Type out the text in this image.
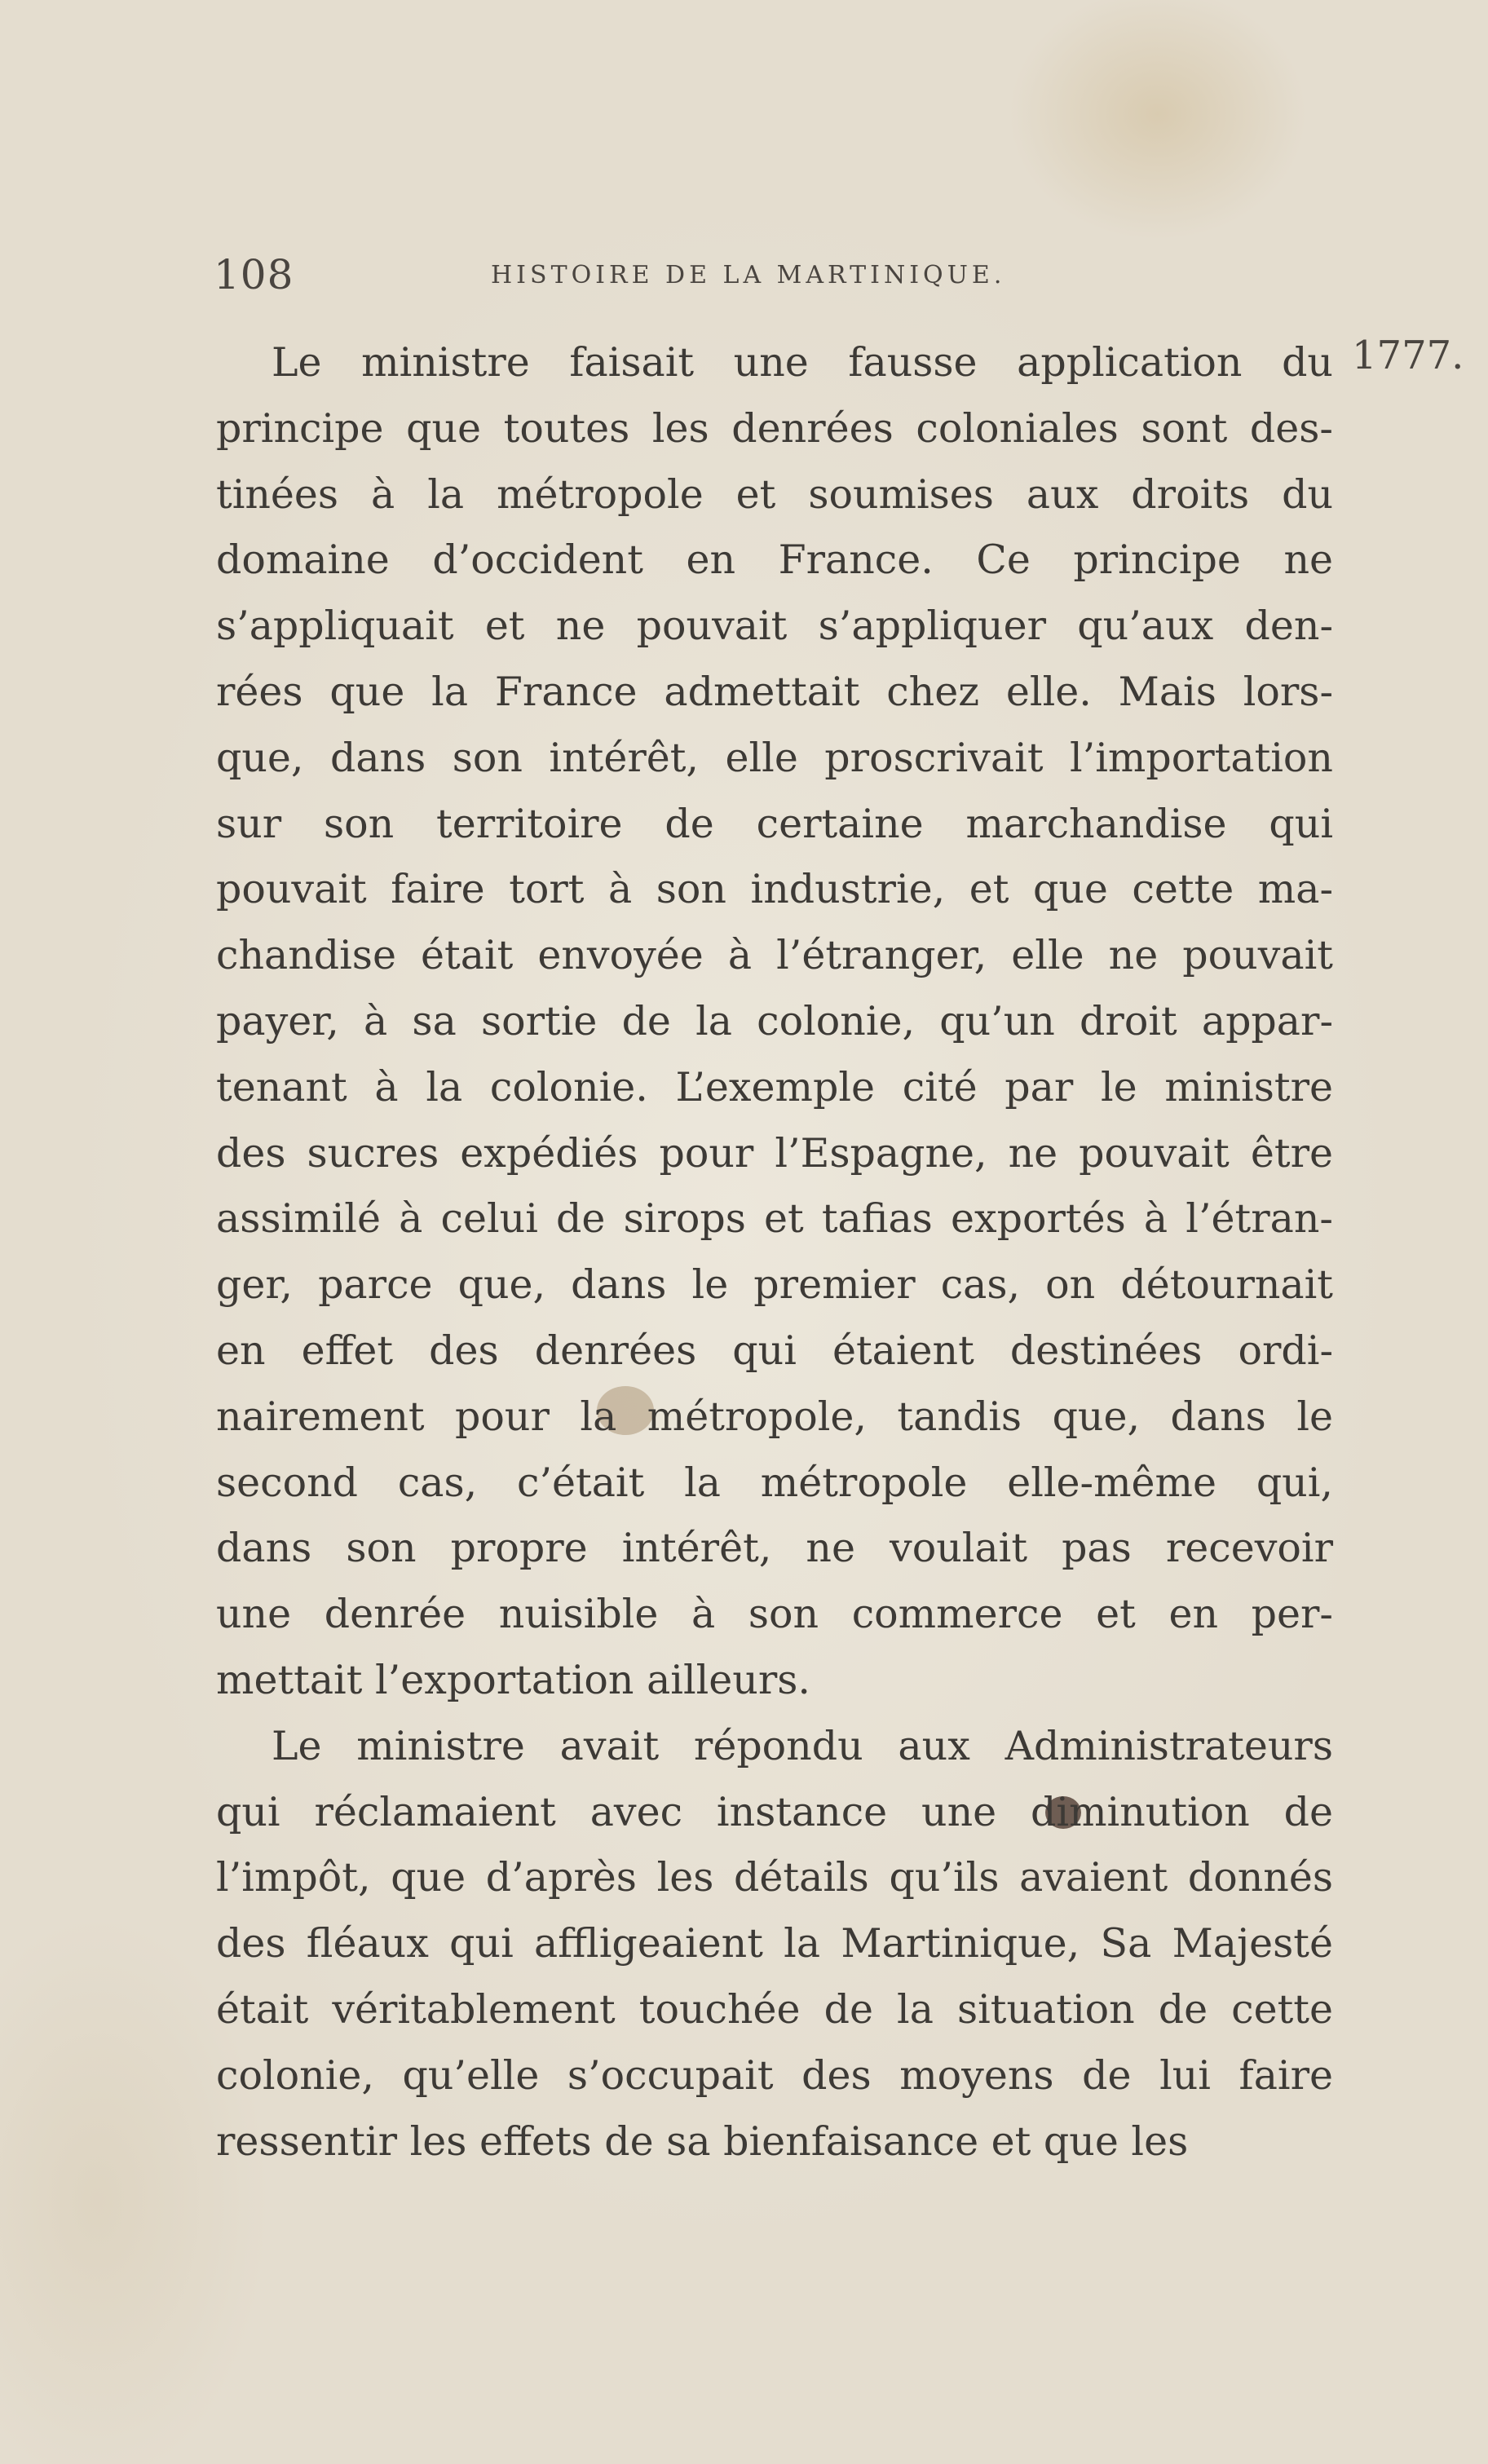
108	HISTOIRE DE LA MARTINIQUE.
1777.
Le ministre faisait une fausse application du
principe que toutes les denrées coloniales sont des-
tinées à la métropole et soumises aux droits du
domaine d’occident en France. Ce principe ne
s’appliquait et ne pouvait s’appliquer qu’aux den-
rées que la France admettait chez elle. Mais lors-
que, dans son intérêt, elle proscrivait l’importation
sur son territoire de certaine marchandise qui
pouvait faire tort à son industrie, et que cette ma-
chandise était envoyée à l’étranger, elle ne pouvait
payer, à sa sortie de la colonie, qu’un droit appar-
tenant à la colonie. L’exemple cité par le ministre
des sucres expédiés pour l’Espagne, ne pouvait être
assimilé à celui de sirops et tafias exportés à l’étran-
ger, parce que, dans le premier cas, on détournait
en effet des denrées qui étaient destinées ordi-
nairement pour la métropole, tandis que, dans le
second cas, c’était la métropole elle-même qui,
dans son propre intérêt, ne voulait pas recevoir
une denrée nuisible à son commerce et en per-
mettait l’exportation ailleurs.
Le ministre avait répondu aux Administrateurs
qui réclamaient avec instance une diminution de
l’impôt, que d’après les détails qu’ils avaient donnés
des fléaux qui affligeaient la Martinique, Sa Majesté
était véritablement touchée de la situation de cette
colonie, qu’elle s’occupait des moyens de lui faire
ressentir les effets de sa bienfaisance et que les
